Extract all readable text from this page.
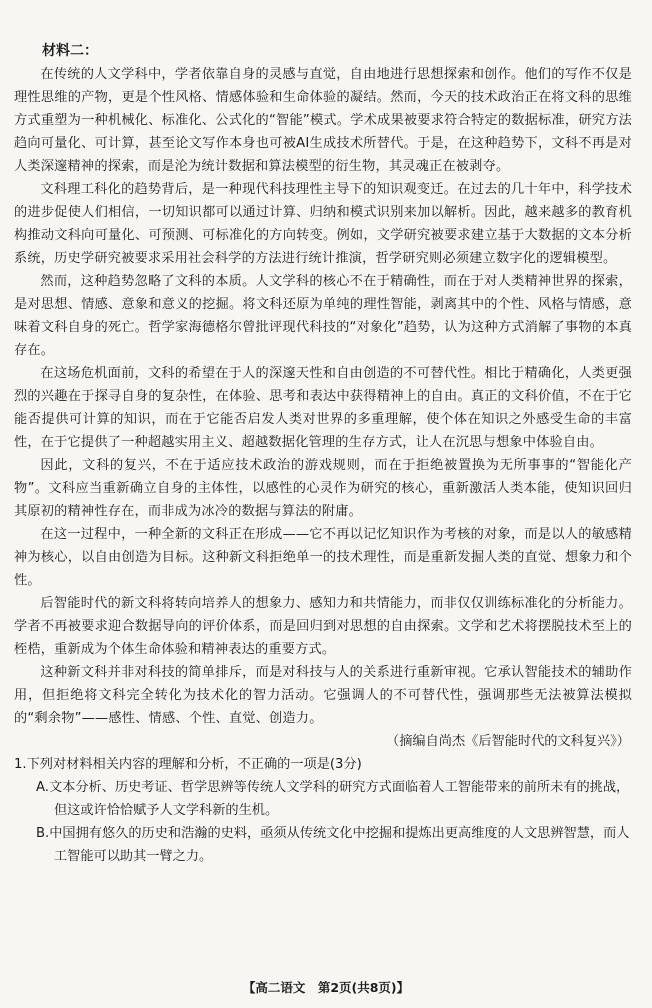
材料二：

在传统的人文学科中，学者依靠自身的灵感与直觉，自由地进行思想探索和创作。他们的写作不仅是理性思维的产物，更是个性风格、情感体验和生命体验的凝结。然而，今天的技术政治正在将文科的思维方式重塑为一种机械化、标准化、公式化的“智能”模式。学术成果被要求符合特定的数据标准，研究方法趋向可量化、可计算，甚至论文写作本身也可被AI生成技术所替代。于是，在这种趋势下，文科不再是对人类深邃精神的探索，而是沦为统计数据和算法模型的衍生物，其灵魂正在被剥夺。

文科理工科化的趋势背后，是一种现代科技理性主导下的知识观变迁。在过去的几十年中，科学技术的进步促使人们相信，一切知识都可以通过计算、归纳和模式识别来加以解析。因此，越来越多的教育机构推动文科向可量化、可预测、可标准化的方向转变。例如，文学研究被要求建立基于大数据的文本分析系统，历史学研究被要求采用社会科学的方法进行统计推演，哲学研究则必须建立数字化的逻辑模型。

然而，这种趋势忽略了文科的本质。人文学科的核心不在于精确性，而在于对人类精神世界的探索，是对思想、情感、意象和意义的挖掘。将文科还原为单纯的理性智能，剥离其中的个性、风格与情感，意味着文科自身的死亡。哲学家海德格尔曾批评现代科技的“对象化”趋势，认为这种方式消解了事物的本真存在。

在这场危机面前，文科的希望在于人的深邃天性和自由创造的不可替代性。相比于精确化，人类更强烈的兴趣在于探寻自身的复杂性，在体验、思考和表达中获得精神上的自由。真正的文科价值，不在于它能否提供可计算的知识，而在于它能否启发人类对世界的多重理解，使个体在知识之外感受生命的丰富性，在于它提供了一种超越实用主义、超越数据化管理的生存方式，让人在沉思与想象中体验自由。

因此，文科的复兴，不在于适应技术政治的游戏规则，而在于拒绝被置换为无所事事的“智能化产物”。文科应当重新确立自身的主体性，以感性的心灵作为研究的核心，重新激活人类本能，使知识回归其原初的精神性存在，而非成为冰冷的数据与算法的附庸。

在这一过程中，一种全新的文科正在形成——它不再以记忆知识作为考核的对象，而是以人的敏感精神为核心，以自由创造为目标。这种新文科拒绝单一的技术理性，而是重新发掘人类的直觉、想象力和个性。

后智能时代的新文科将转向培养人的想象力、感知力和共情能力，而非仅仅训练标准化的分析能力。学者不再被要求迎合数据导向的评价体系，而是回归到对思想的自由探索。文学和艺术将摆脱技术至上的桎梏，重新成为个体生命体验和精神表达的重要方式。

这种新文科并非对科技的简单排斥，而是对科技与人的关系进行重新审视。它承认智能技术的辅助作用，但拒绝将文科完全转化为技术化的智力活动。它强调人的不可替代性，强调那些无法被算法模拟的“剩余物”——感性、情感、个性、直觉、创造力。

（摘编自尚杰《后智能时代的文科复兴》）

1.下列对材料相关内容的理解和分析，不正确的一项是(3分)

A.文本分析、历史考证、哲学思辨等传统人文学科的研究方式面临着人工智能带来的前所未有的挑战，但这或许恰恰赋予人文学科新的生机。

B.中国拥有悠久的历史和浩瀚的史料，亟须从传统文化中挖掘和提炼出更高维度的人文思辨智慧，而人工智能可以助其一臂之力。

【高二语文　第2页(共8页)】
